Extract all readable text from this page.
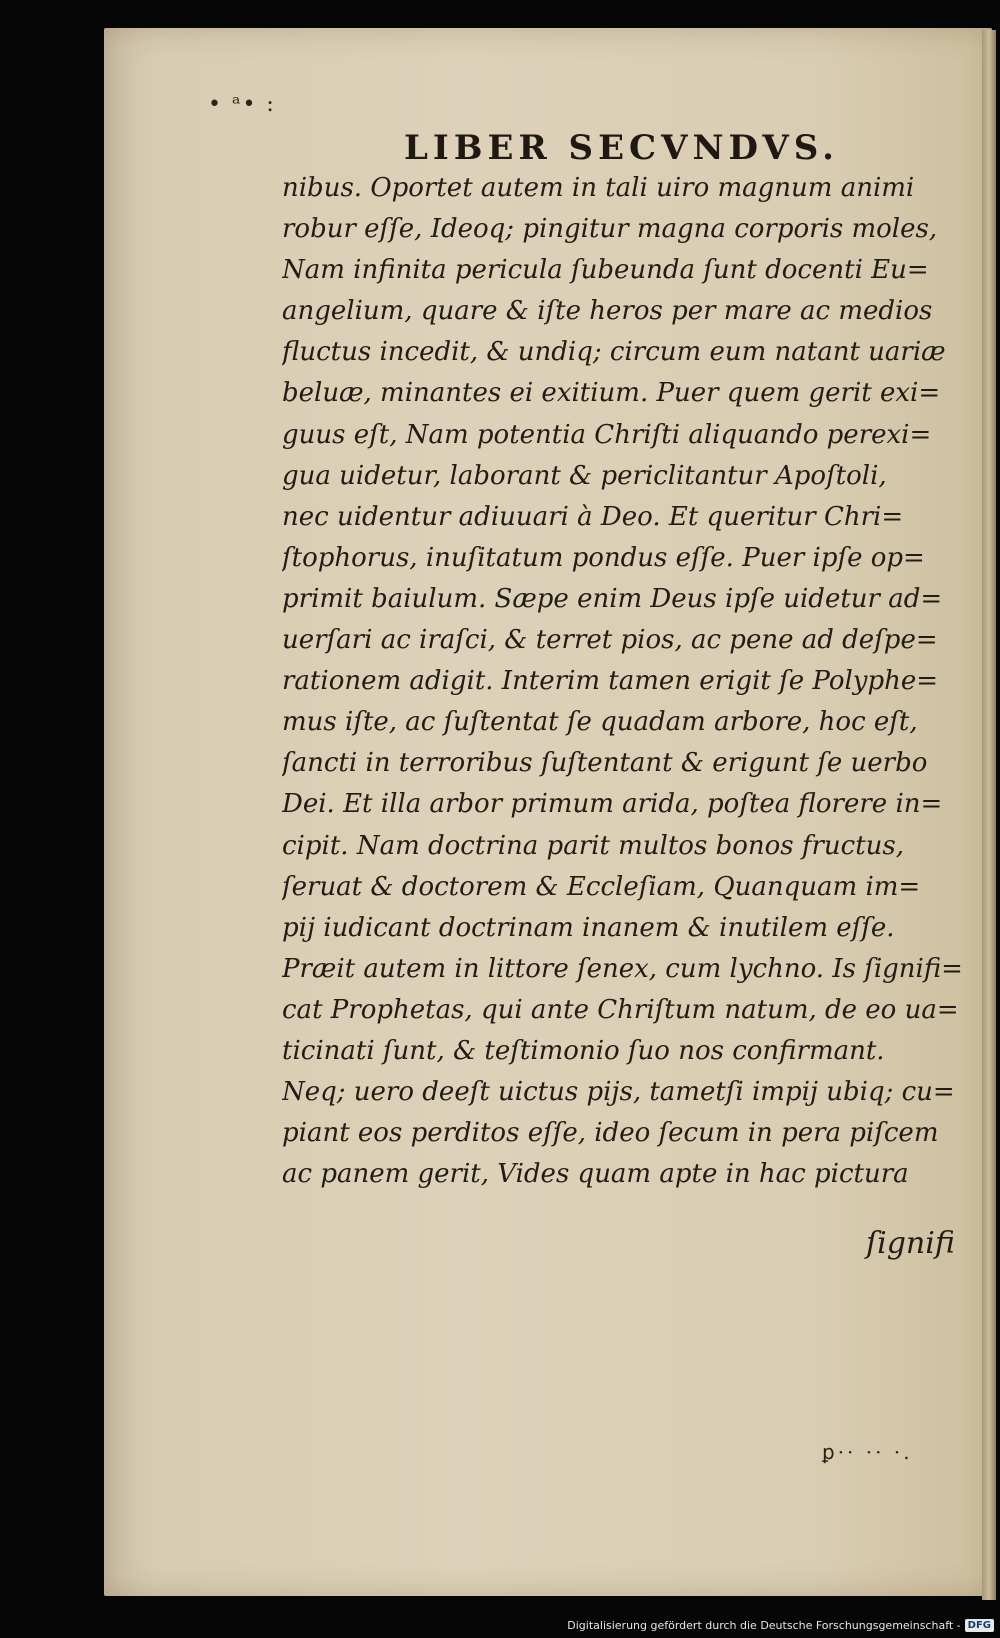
• ᵃ• :
LIBER SECVNDVS.
nibus. Oportet autem in tali uiro magnum animi
robur eſſe, Ideoq; pingitur magna corporis moles,
Nam infinita pericula ſubeunda ſunt docenti Eu=
angelium, quare & iſte heros per mare ac medios
fluctus incedit, & undiq; circum eum natant uariæ
beluæ, minantes ei exitium. Puer quem gerit exi=
guus eſt, Nam potentia Chriſti aliquando perexi=
gua uidetur, laborant & periclitantur Apoſtoli,
nec uidentur adiuuari à Deo. Et queritur Chri=
ſtophorus, inuſitatum pondus eſſe. Puer ipſe op=
primit baiulum. Sæpe enim Deus ipſe uidetur ad=
uerſari ac iraſci, & terret pios, ac pene ad deſpe=
rationem adigit. Interim tamen erigit ſe Polyphe=
mus iſte, ac ſuſtentat ſe quadam arbore, hoc eſt,
ſancti in terroribus ſuſtentant & erigunt ſe uerbo
Dei. Et illa arbor primum arida, poſtea florere in=
cipit. Nam doctrina parit multos bonos fructus,
ſeruat & doctorem & Eccleſiam, Quanquam im=
pij iudicant doctrinam inanem & inutilem eſſe.
Præit autem in littore ſenex, cum lychno. Is ſignifi=
cat Prophetas, qui ante Chriſtum natum, de eo ua=
ticinati ſunt, & teſtimonio ſuo nos confirmant.
Neq; uero deeſt uictus pijs, tametſi impij ubiq; cu=
piant eos perditos eſſe, ideo ſecum in pera piſcem
ac panem gerit, Vides quam apte in hac pictura
ſignifi
ꝑ·· ·· ·.
Digitalisierung gefördert durch die Deutsche Forschungsgemeinschaft - DFG
